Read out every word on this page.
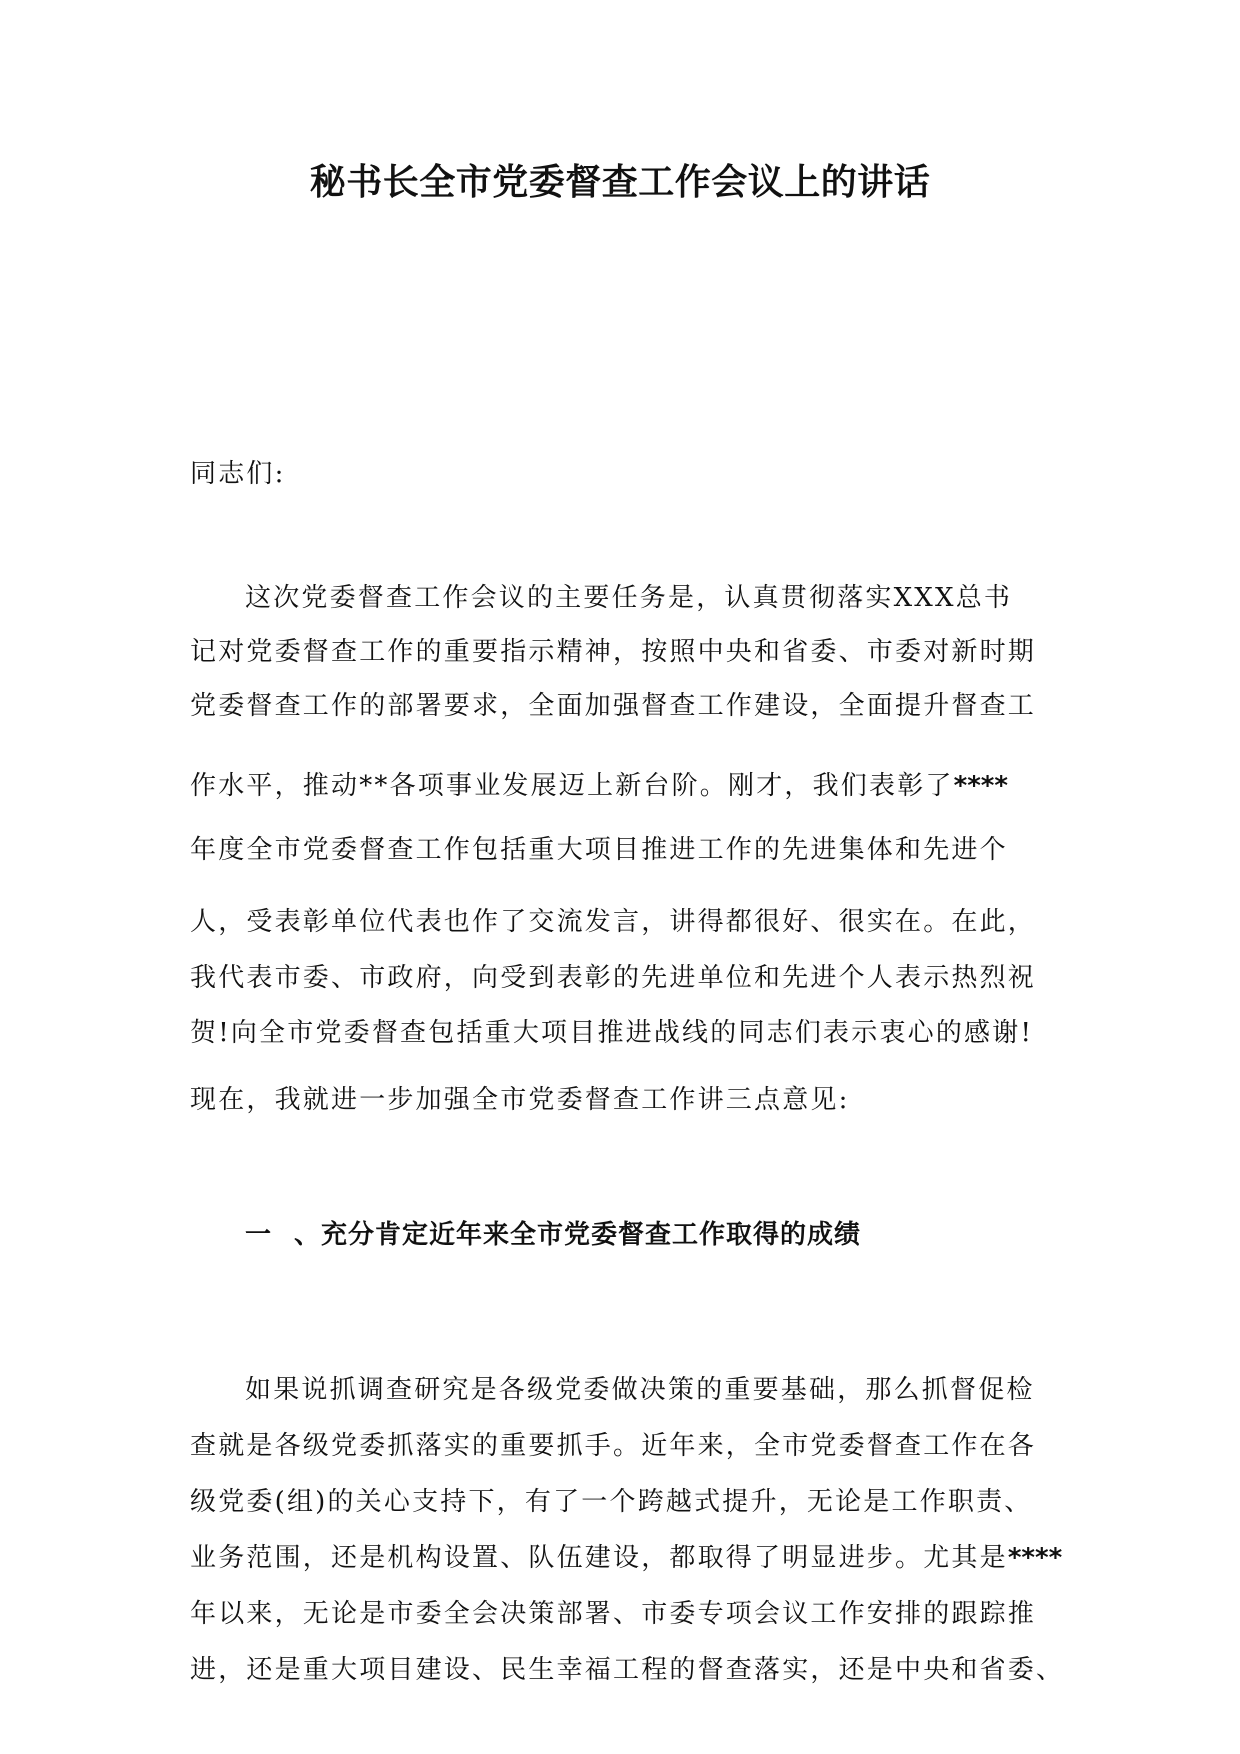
秘书长全市党委督查工作会议上的讲话
同志们:
这次党委督查工作会议的主要任务是，认真贯彻落实XXX总书
记对党委督查工作的重要指示精神，按照中央和省委、市委对新时期
党委督查工作的部署要求，全面加强督查工作建设，全面提升督查工
作水平，推动**各项事业发展迈上新台阶。刚才，我们表彰了****
年度全市党委督查工作包括重大项目推进工作的先进集体和先进个
人，受表彰单位代表也作了交流发言，讲得都很好、很实在。在此，
我代表市委、市政府，向受到表彰的先进单位和先进个人表示热烈祝
贺!向全市党委督查包括重大项目推进战线的同志们表示衷心的感谢!
现在，我就进一步加强全市党委督查工作讲三点意见:
一 、充分肯定近年来全市党委督查工作取得的成绩
如果说抓调查研究是各级党委做决策的重要基础，那么抓督促检
查就是各级党委抓落实的重要抓手。近年来，全市党委督查工作在各
级党委(组)的关心支持下，有了一个跨越式提升，无论是工作职责、
业务范围，还是机构设置、队伍建设，都取得了明显进步。尤其是****
年以来，无论是市委全会决策部署、市委专项会议工作安排的跟踪推
进，还是重大项目建设、民生幸福工程的督查落实，还是中央和省委、
